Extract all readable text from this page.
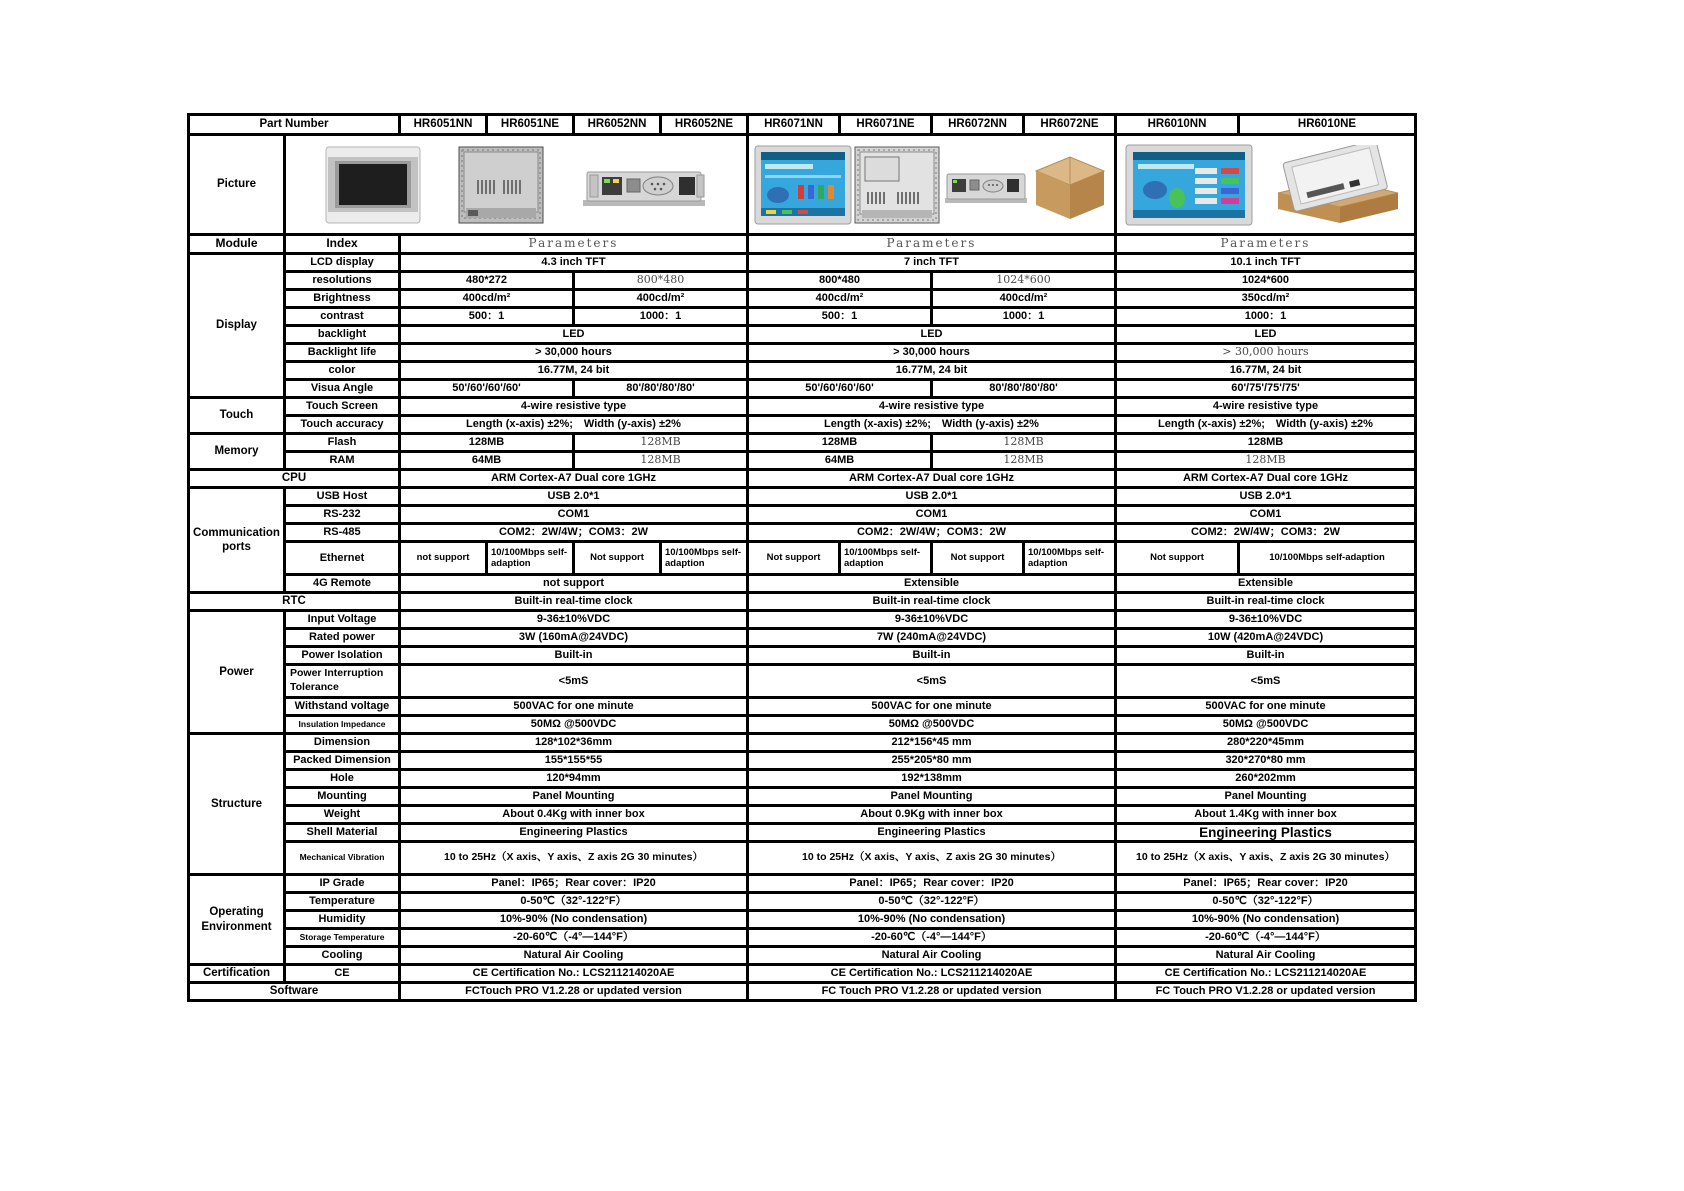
Part Number		HR6051NN	HR6051NE	HR6052NN	HR6052NE	HR6071NN	HR6071NE	HR6072NN	HR6072NE	HR6010NN	HR6010NE
Picture	

Module	Index	Parameters				Parameters				Parameters	
Display	LCD display	4.3 inch TFT				7 inch TFT				10.1 inch TFT	
	resolutions	480*272		800*480		800*480		1024*600		1024*600	
	Brightness	400cd/m²		400cd/m²		400cd/m²		400cd/m²		350cd/m²	
	contrast	500：1		1000：1		500：1		1000：1		1000：1	
	backlight	LED				LED				LED	
	Backlight life	> 30,000 hours				> 30,000 hours				> 30,000 hours	
	color	16.77M, 24 bit				16.77M, 24 bit				16.77M, 24 bit	
	Visua Angle	50'/60'/60'/60'		80'/80'/80'/80'		50'/60'/60'/60'		80'/80'/80'/80'		60'/75'/75'/75'	
Touch	Touch Screen	4-wire resistive type				4-wire resistive type				4-wire resistive type	
	Touch accuracy	Length (x-axis) ±2%;　Width (y-axis) ±2%				Length (x-axis) ±2%;　Width (y-axis) ±2%				Length (x-axis) ±2%;　Width (y-axis) ±2%	
Memory	Flash	128MB		128MB		128MB		128MB		128MB	
	RAM	64MB		128MB		64MB		128MB		128MB	
CPU		ARM Cortex-A7 Dual core 1GHz				ARM Cortex-A7 Dual core 1GHz				ARM Cortex-A7 Dual core 1GHz	
Communication ports	USB Host	USB 2.0*1				USB 2.0*1				USB 2.0*1	
	RS-232	COM1				COM1				COM1	
	RS-485	COM2：2W/4W；COM3：2W				COM2：2W/4W；COM3：2W				COM2：2W/4W；COM3：2W	
	Ethernet	not support	10/100Mbps self-adaption	Not support	10/100Mbps self-adaption	Not support	10/100Mbps self-adaption	Not support	10/100Mbps self-adaption	Not support	10/100Mbps self-adaption
	4G Remote	not support				Extensible				Extensible	
RTC		Built-in real-time clock				Built-in real-time clock				Built-in real-time clock	
Power	Input Voltage	9-36±10%VDC				9-36±10%VDC				9-36±10%VDC	
	Rated power	3W (160mA@24VDC)				7W (240mA@24VDC)				10W (420mA@24VDC)	
	Power Isolation	Built-in				Built-in				Built-in	
	Power Interruption Tolerance	<5mS				<5mS				<5mS	
	Withstand voltage	500VAC for one minute				500VAC for one minute				500VAC for one minute	
	Insulation Impedance	50MΩ @500VDC				50MΩ @500VDC				50MΩ @500VDC	
Structure	Dimension	128*102*36mm				212*156*45 mm				280*220*45mm	
	Packed Dimension	155*155*55				255*205*80 mm				320*270*80 mm	
	Hole	120*94mm				192*138mm				260*202mm	
	Mounting	Panel Mounting				Panel Mounting				Panel Mounting	
	Weight	About 0.4Kg with inner box				About 0.9Kg with inner box				About 1.4Kg with inner box	
	Shell Material	Engineering Plastics				Engineering Plastics				Engineering Plastics	
	Mechanical Vibration	10 to 25Hz（X axis、Y axis、Z axis 2G 30 minutes）				10 to 25Hz（X axis、Y axis、Z axis 2G 30 minutes）				10 to 25Hz（X axis、Y axis、Z axis 2G 30 minutes）	
Operating Environment	IP Grade	Panel：IP65；Rear cover：IP20				Panel：IP65；Rear cover：IP20				Panel：IP65；Rear cover：IP20	
	Temperature	0-50℃（32°-122°F）				0-50℃（32°-122°F）				0-50℃（32°-122°F）	
	Humidity	10%-90% (No condensation)				10%-90% (No condensation)				10%-90% (No condensation)	
	Storage Temperature	-20-60℃（-4°—144°F）				-20-60℃（-4°—144°F）				-20-60℃（-4°—144°F）	
	Cooling	Natural Air Cooling				Natural Air Cooling				Natural Air Cooling	
Certification	CE	CE Certification No.: LCS211214020AE				CE Certification No.: LCS211214020AE				CE Certification No.: LCS211214020AE	
Software		FCTouch PRO V1.2.28 or updated version				FC Touch PRO V1.2.28 or updated version				FC Touch PRO V1.2.28 or updated version	
